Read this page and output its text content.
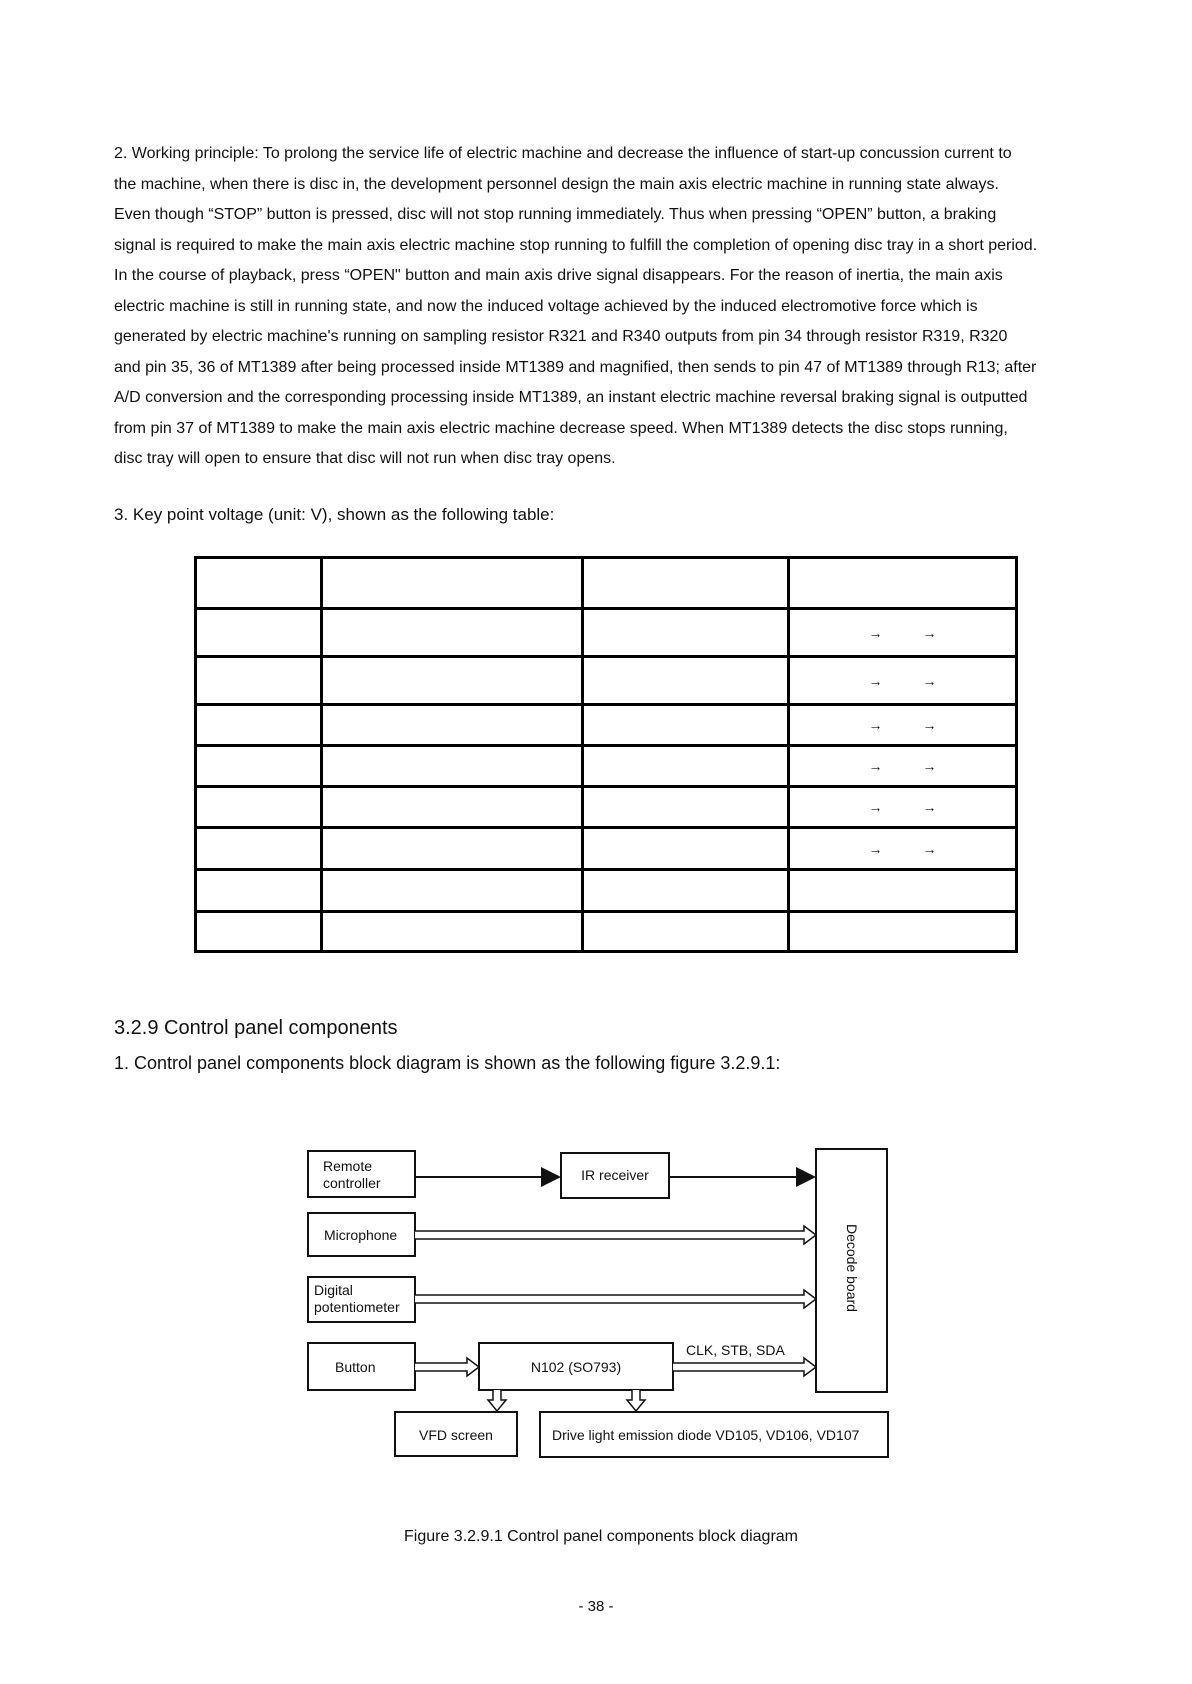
2. Working principle: To prolong the service life of electric machine and decrease the influence of start-up concussion current to
the machine, when there is disc in, the development personnel design the main axis electric machine in running state always.
Even though “STOP” button is pressed, disc will not stop running immediately. Thus when pressing “OPEN” button, a braking
signal is required to make the main axis electric machine stop running to fulfill the completion of opening disc tray in a short period.
In the course of playback, press “OPEN" button and main axis drive signal disappears. For the reason of inertia, the main axis
electric machine is still in running state, and now the induced voltage achieved by the induced electromotive force which is
generated by electric machine's running on sampling resistor R321 and R340 outputs from pin 34 through resistor R319, R320
and pin 35, 36 of MT1389 after being processed inside MT1389 and magnified, then sends to pin 47 of MT1389 through R13; after
A/D conversion and the corresponding processing inside MT1389, an instant electric machine reversal braking signal is outputted
from pin 37 of MT1389 to make the main axis electric machine decrease speed. When MT1389 detects the disc stops running,
disc tray will open to ensure that disc will not run when disc tray opens.
3. Key point voltage (unit: V), shown as the following table:

			→ →
			→ →
			→ →
			→ →
			→ →
			→ →

3.2.9 Control panel components
1. Control panel components block diagram is shown as the following figure 3.2.9.1:
Remote
controller	IR receiver
Microphone
Digital
potentiometer
Button	N102 (SO793)
CLK, STB, SDA
VFD screen	Drive light emission diode VD105, VD106, VD107
Decode board
Figure 3.2.9.1 Control panel components block diagram
- 38 -
